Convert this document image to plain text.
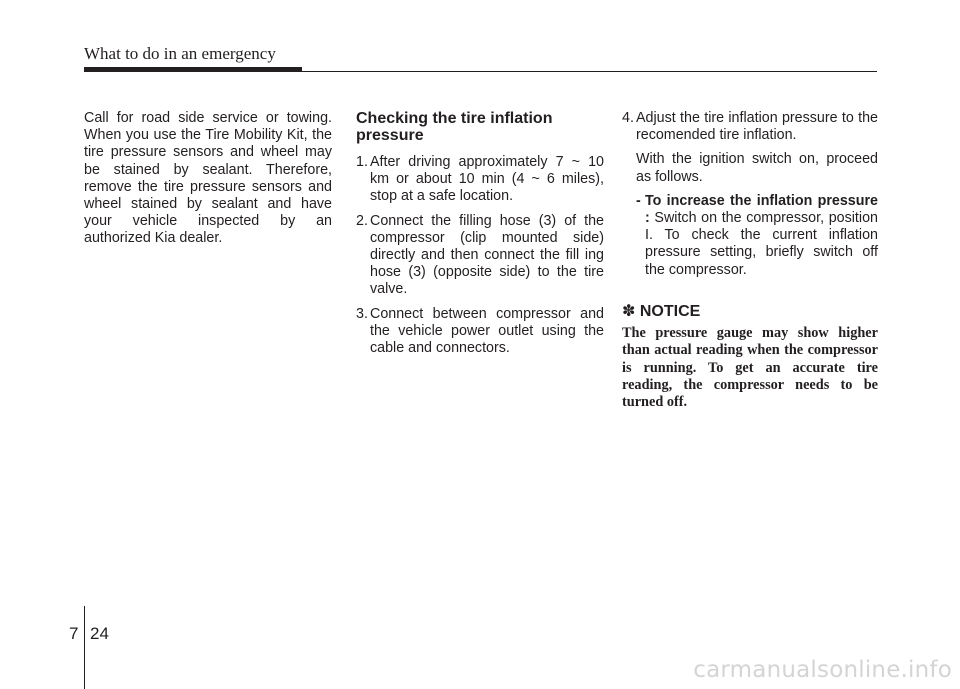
What to do in an emergency

Call for road side service or towing. When you use the Tire Mobility Kit, the tire pressure sensors and wheel may be stained by sealant. Therefore, remove the tire pressure sensors and wheel stained by sealant and have your vehicle inspected by an authorized Kia dealer.

Checking the tire inflation pressure
1. After driving approximately 7 ~ 10 km or about 10 min (4 ~ 6 miles), stop at a safe location.
2. Connect the filling hose (3) of the compressor (clip mounted side) directly and then connect the fill ing hose (3) (opposite side) to the tire valve.
3. Connect between compressor and the vehicle power outlet using the cable and connectors.

4. Adjust the tire inflation pressure to the recomended tire inflation.

With the ignition switch on, proceed as follows.

- To increase the inflation pressure : Switch on the compressor, position I. To check the current inflation pressure setting, briefly switch off the compressor.

✽ NOTICE

The pressure gauge may show higher than actual reading when the compressor is running. To get an accurate tire reading, the compressor needs to be turned off.

7 24
carmanualsonline.info
